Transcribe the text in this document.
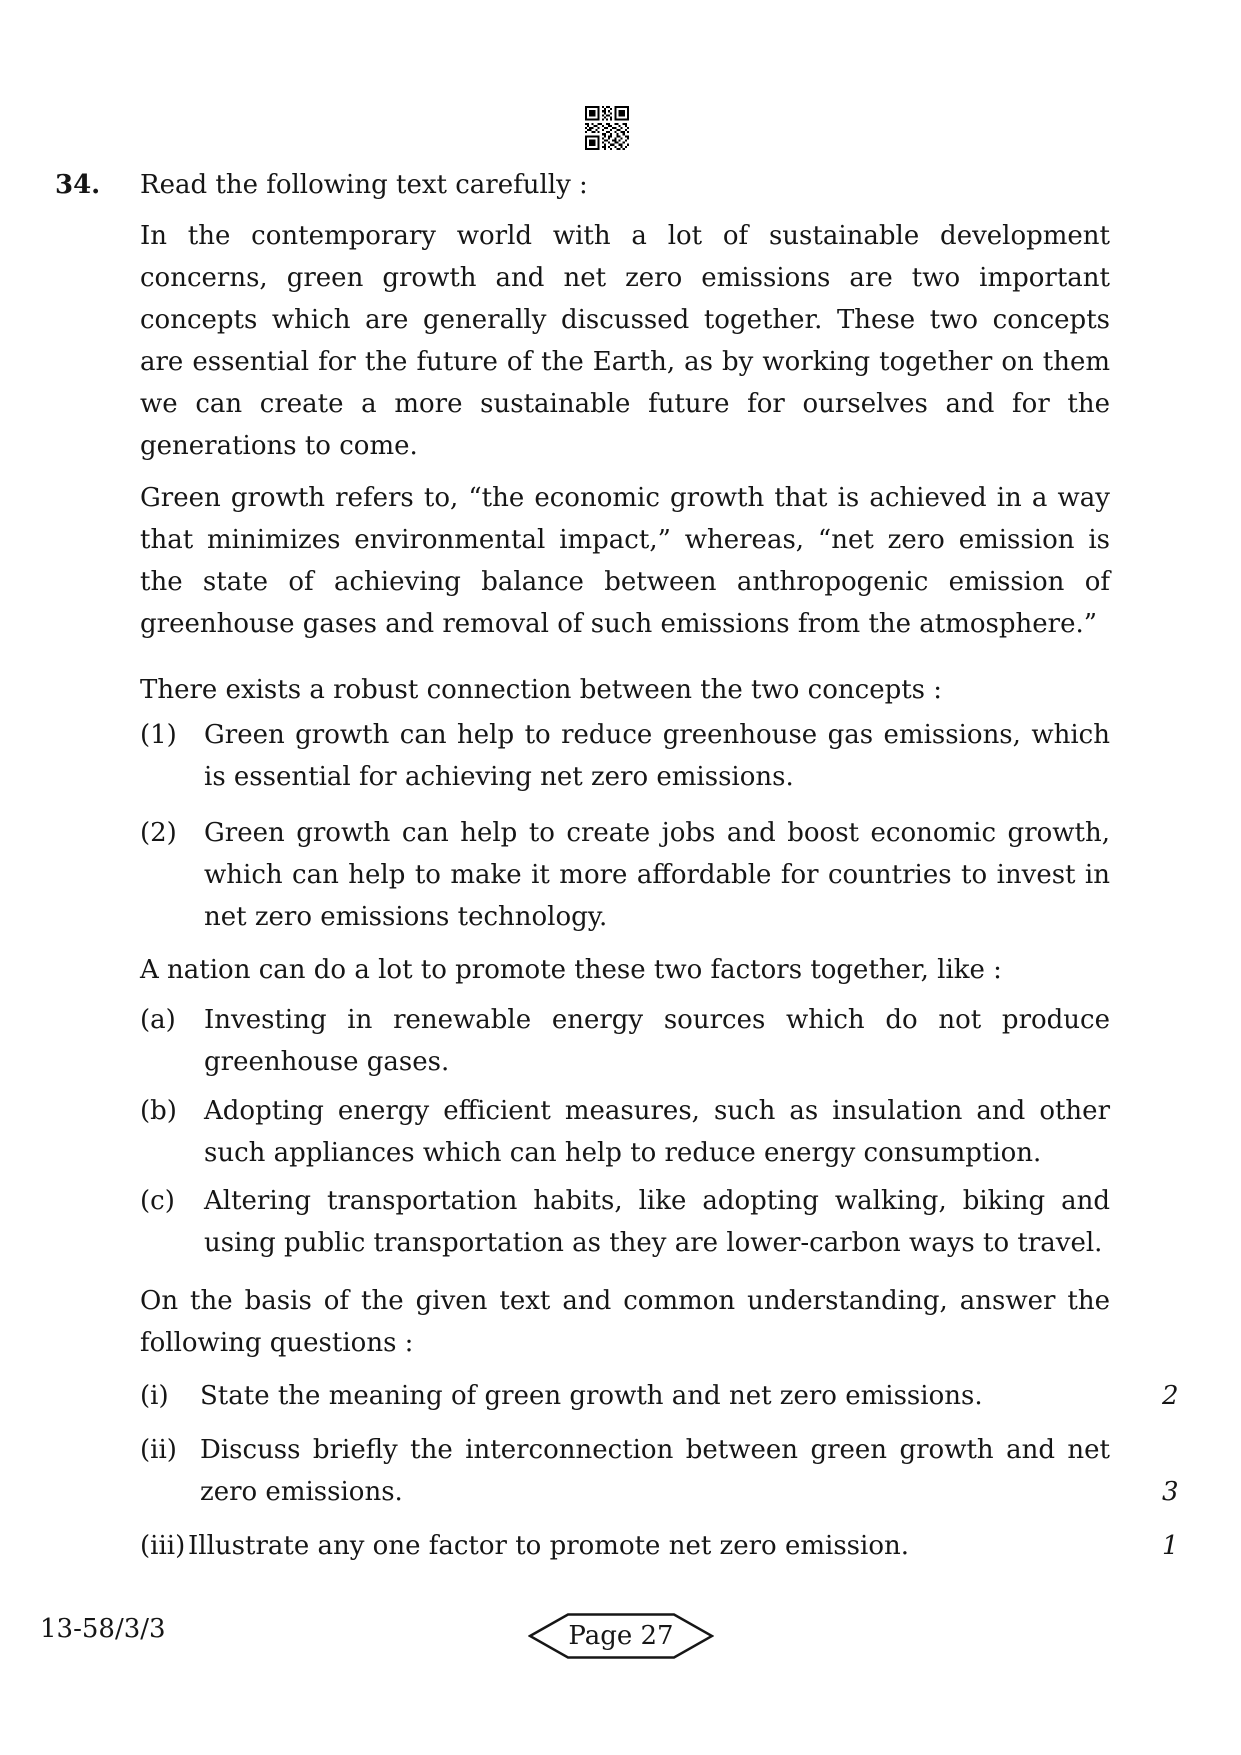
34. Read the following text carefully :
In the contemporary world with a lot of sustainable development concerns, green growth and net zero emissions are two important concepts which are generally discussed together. These two concepts are essential for the future of the Earth, as by working together on them we can create a more sustainable future for ourselves and for the generations to come.
Green growth refers to, “the economic growth that is achieved in a way that minimizes environmental impact,” whereas, “net zero emission is the state of achieving balance between anthropogenic emission of greenhouse gases and removal of such emissions from the atmosphere.”
There exists a robust connection between the two concepts :
(1) Green growth can help to reduce greenhouse gas emissions, which is essential for achieving net zero emissions.
(2) Green growth can help to create jobs and boost economic growth, which can help to make it more affordable for countries to invest in net zero emissions technology.
A nation can do a lot to promote these two factors together, like :
(a) Investing in renewable energy sources which do not produce greenhouse gases.
(b) Adopting energy efficient measures, such as insulation and other such appliances which can help to reduce energy consumption.
(c) Altering transportation habits, like adopting walking, biking and using public transportation as they are lower-carbon ways to travel.
On the basis of the given text and common understanding, answer the following questions :
(i) State the meaning of green growth and net zero emissions.	2
(ii) Discuss briefly the interconnection between green growth and net zero emissions.	3
(iii) Illustrate any one factor to promote net zero emission.	1
13-58/3/3	Page 27
